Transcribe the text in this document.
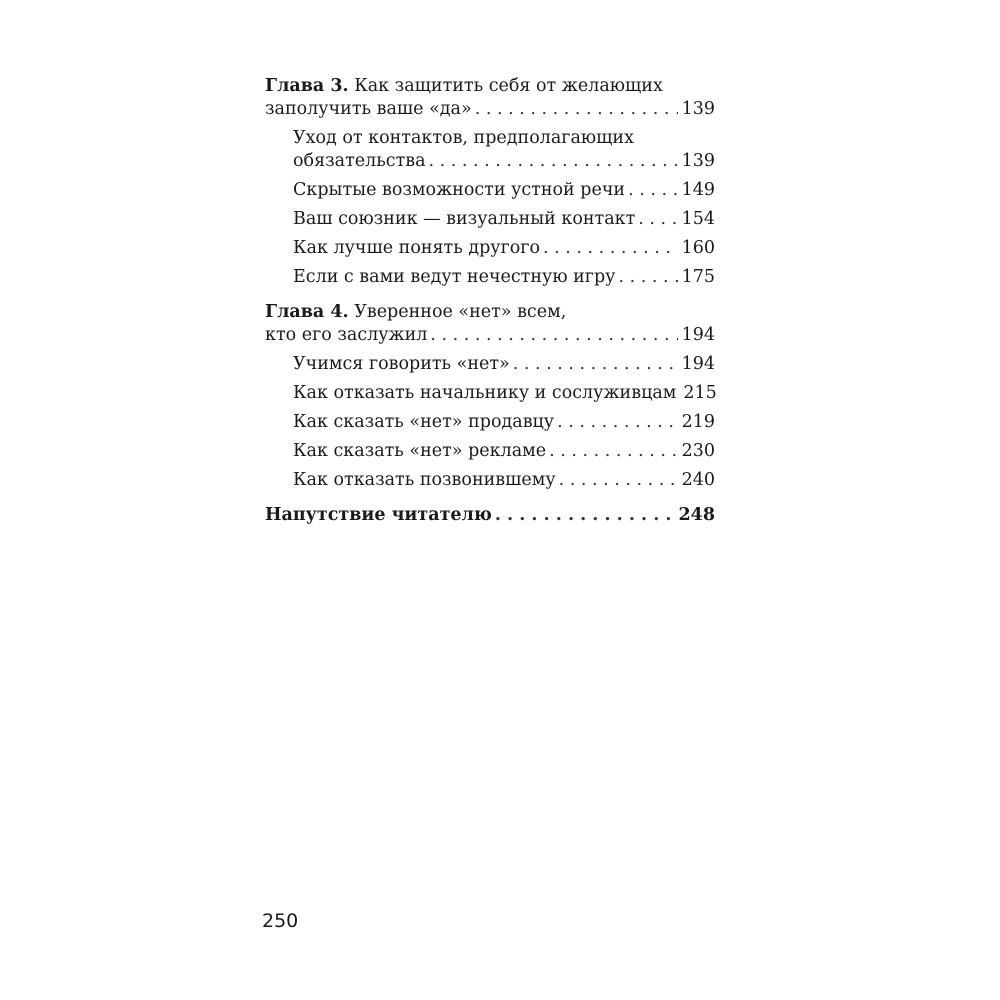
Глава 3. Как защитить себя от желающих
заполучить ваше «да» . . .	139
Уход от контактов, предполагающих
обязательства . . .	139
Скрытые возможности устной речи . . .	149
Ваш союзник — визуальный контакт . . .	154
Как лучше понять другого . . .	160
Если с вами ведут нечестную игру . . .	175
Глава 4. Уверенное «нет» всем,
кто его заслужил . . .	194
Учимся говорить «нет» . . .	194
Как отказать начальнику и сослуживцам 215
Как сказать «нет» продавцу . . .	219
Как сказать «нет» рекламе . . .	230
Как отказать позвонившему . . .	240
Напутствие читателю . . .	248
250
